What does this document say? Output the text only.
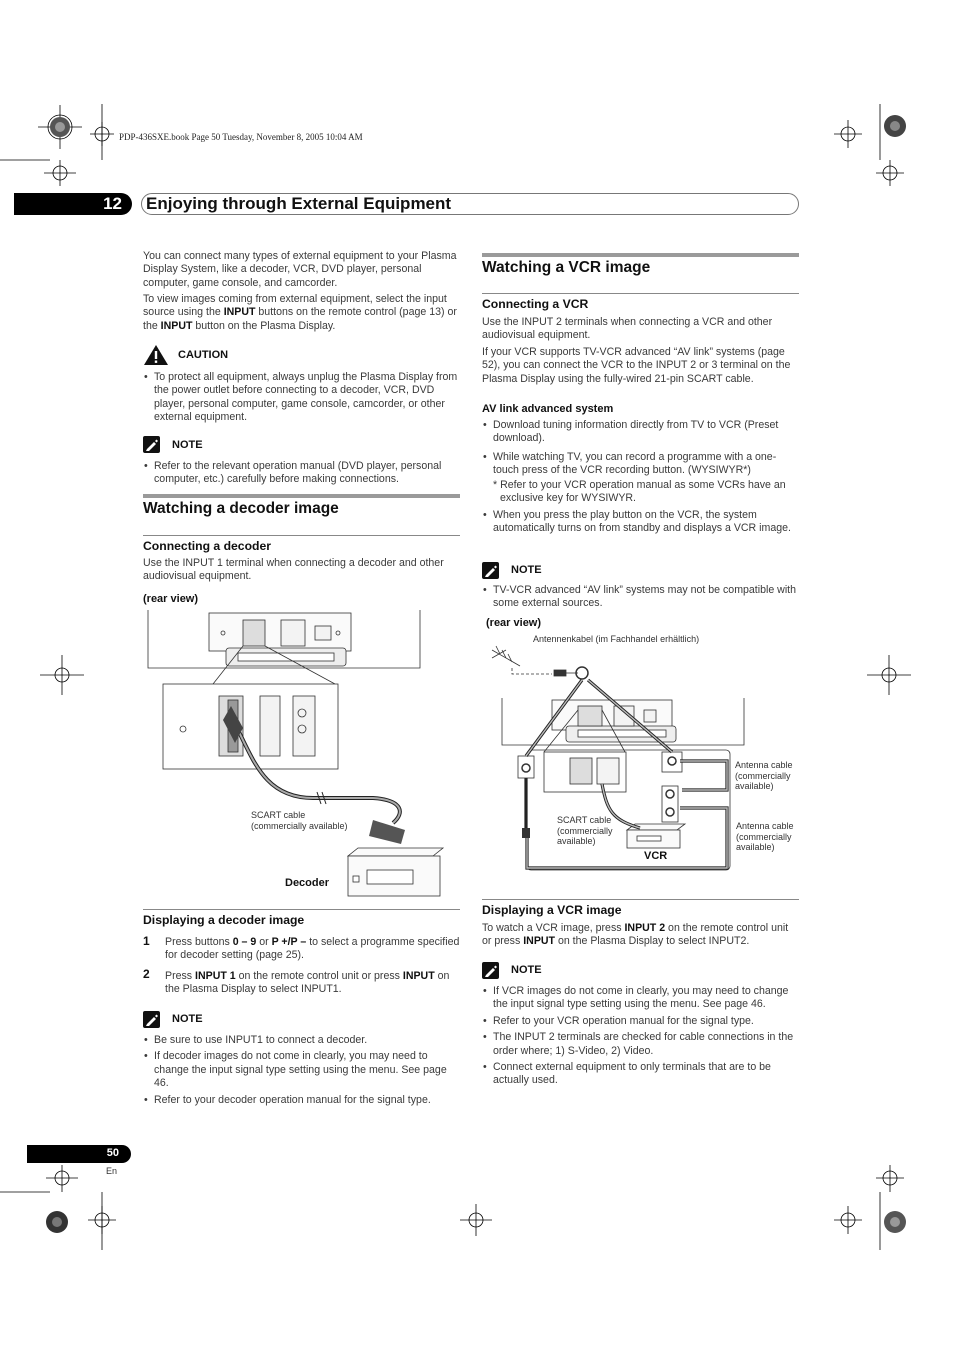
PDP-436SXE.book Page 50 Tuesday, November 8, 2005 10:04 AM
12 Enjoying through External Equipment
You can connect many types of external equipment to your Plasma Display System, like a decoder, VCR, DVD player, personal computer, game console, and camcorder.
To view images coming from external equipment, select the input source using the INPUT buttons on the remote control (page 13) or the INPUT button on the Plasma Display.
CAUTION
• To protect all equipment, always unplug the Plasma Display from the power outlet before connecting to a decoder, VCR, DVD player, personal computer, game console, camcorder, or other external equipment.
NOTE
• Refer to the relevant operation manual (DVD player, personal computer, etc.) carefully before making connections.
Watching a decoder image
Connecting a decoder
Use the INPUT 1 terminal when connecting a decoder and other audiovisual equipment.
(rear view)
SCART cable
(commercially available)
Decoder
Displaying a decoder image
1 Press buttons 0 – 9 or P +/P – to select a programme specified for decoder setting (page 25).
2 Press INPUT 1 on the remote control unit or press INPUT on the Plasma Display to select INPUT1.
NOTE
• Be sure to use INPUT1 to connect a decoder.
• If decoder images do not come in clearly, you may need to change the input signal type setting using the menu. See page 46.
• Refer to your decoder operation manual for the signal type.
Watching a VCR image
Connecting a VCR
Use the INPUT 2 terminals when connecting a VCR and other audiovisual equipment.
If your VCR supports TV-VCR advanced “AV link” systems (page 52), you can connect the VCR to the INPUT 2 or 3 terminal on the Plasma Display using the fully-wired 21-pin SCART cable.
AV link advanced system
• Download tuning information directly from TV to VCR (Preset download).
• While watching TV, you can record a programme with a one-touch press of the VCR recording button. (WYSIWYR*)
* Refer to your VCR operation manual as some VCRs have an exclusive key for WYSIWYR.
• When you press the play button on the VCR, the system automatically turns on from standby and displays a VCR image.
NOTE
• TV-VCR advanced “AV link” systems may not be compatible with some external sources.
(rear view)
Antennenkabel (im Fachhandel erhältlich)
Antenna cable
(commercially
available)
Antenna cable
(commercially
available)
SCART cable
(commercially
available)
VCR
Displaying a VCR image
To watch a VCR image, press INPUT 2 on the remote control unit or press INPUT on the Plasma Display to select INPUT2.
NOTE
• If VCR images do not come in clearly, you may need to change the input signal type setting using the menu. See page 46.
• Refer to your VCR operation manual for the signal type.
• The INPUT 2 terminals are checked for cable connections in the order where; 1) S-Video, 2) Video.
• Connect external equipment to only terminals that are to be actually used.
50
En
